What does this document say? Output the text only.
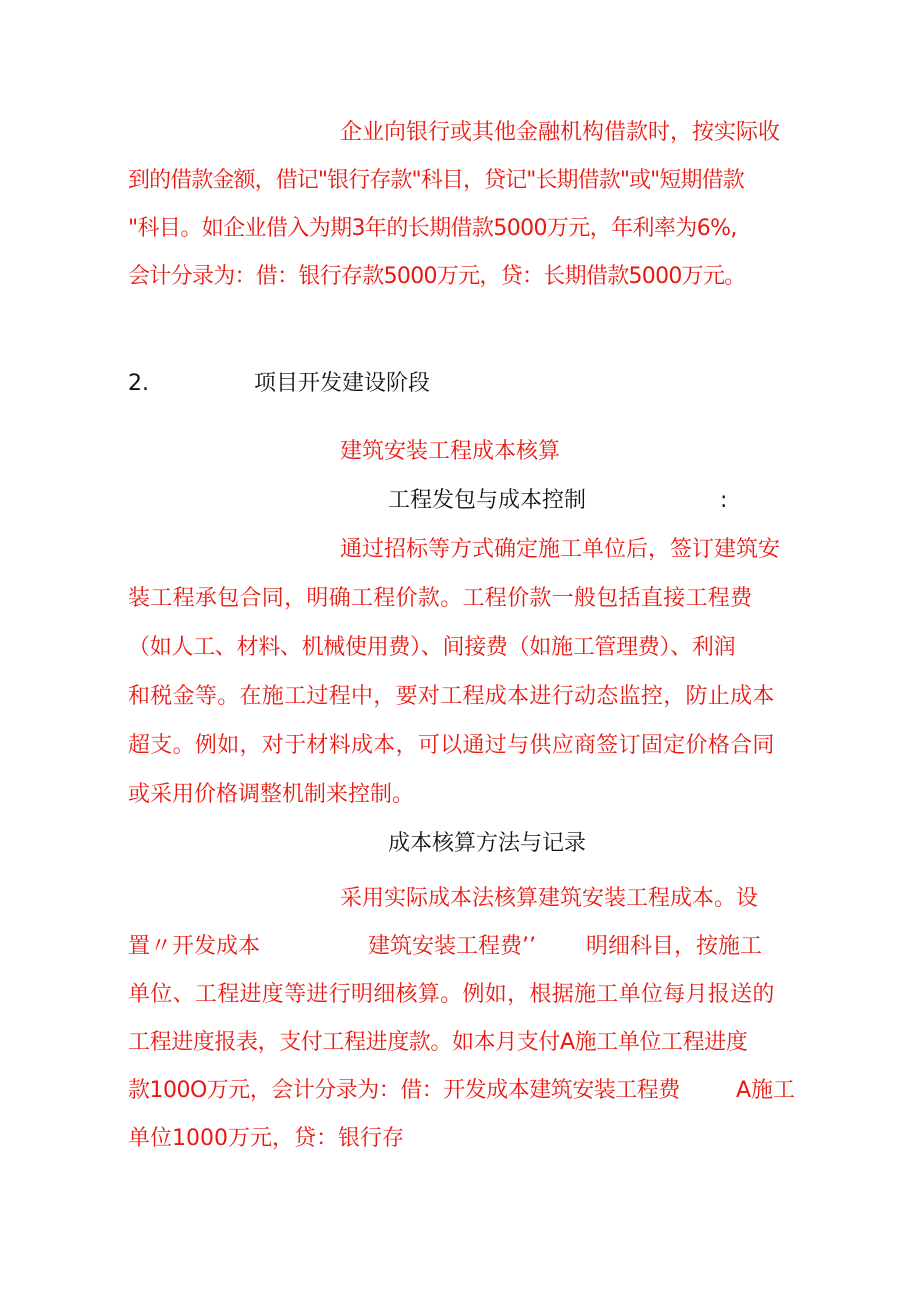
企业向银行或其他金融机构借款时，按实际收
到的借款金额，借记"银行存款"科目，贷记"长期借款"或"短期借款
"科目。如企业借入为期3年的长期借款5000万元，年利率为6%,
会计分录为：借：银行存款5000万元，贷：长期借款5000万元。
2.	项目开发建设阶段
建筑安装工程成本核算
工程发包与成本控制	:
通过招标等方式确定施工单位后，签订建筑安
装工程承包合同，明确工程价款。工程价款一般包括直接工程费
（如人工、材料、机械使用费）、间接费（如施工管理费）、利润
和税金等。在施工过程中，要对工程成本进行动态监控，防止成本
超支。例如，对于材料成本，可以通过与供应商签订固定价格合同
或采用价格调整机制来控制。
成本核算方法与记录
采用实际成本法核算建筑安装工程成本。设
置〃开发成本	建筑安装工程费’’ 明细科目，按施工
单位、工程进度等进行明细核算。例如，根据施工单位每月报送的
工程进度报表，支付工程进度款。如本月支付A施工单位工程进度
款100O万元，会计分录为：借：开发成本建筑安装工程费	A施工
单位1000万元，贷：银行存
